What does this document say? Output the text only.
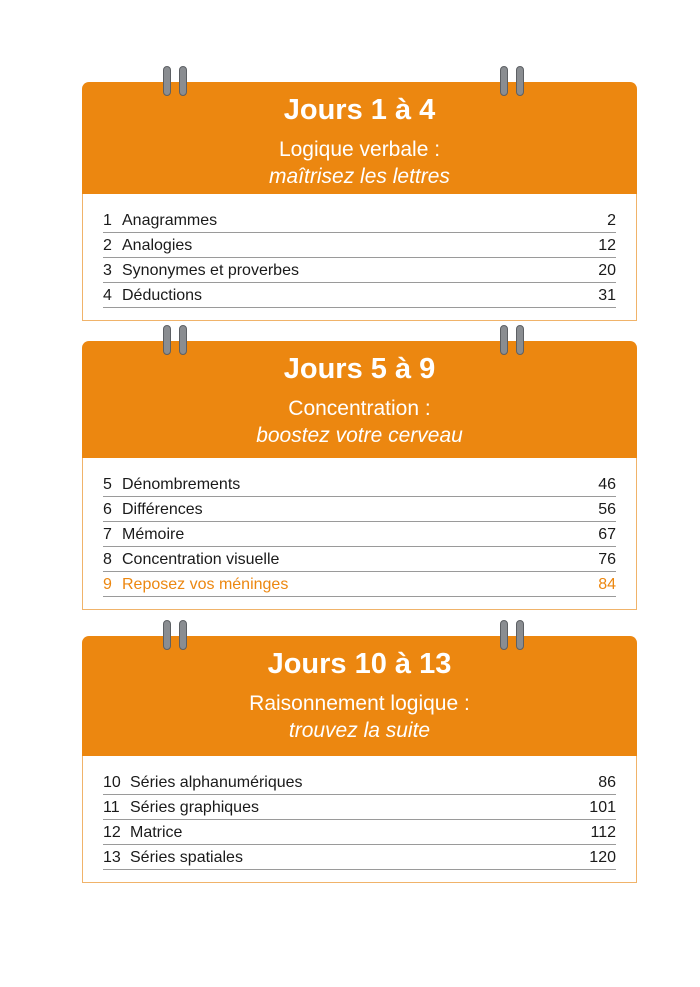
Jours 1 à 4
Logique verbale :
maîtrisez les lettres
1 Anagrammes	2
2 Analogies	12
3 Synonymes et proverbes	20
4 Déductions	31
Jours 5 à 9
Concentration :
boostez votre cerveau
5 Dénombrements	46
6 Différences	56
7 Mémoire	67
8 Concentration visuelle	76
9 Reposez vos méninges	84
Jours 10 à 13
Raisonnement logique :
trouvez la suite
10 Séries alphanumériques	86
11 Séries graphiques	101
12 Matrice	112
13 Séries spatiales	120
